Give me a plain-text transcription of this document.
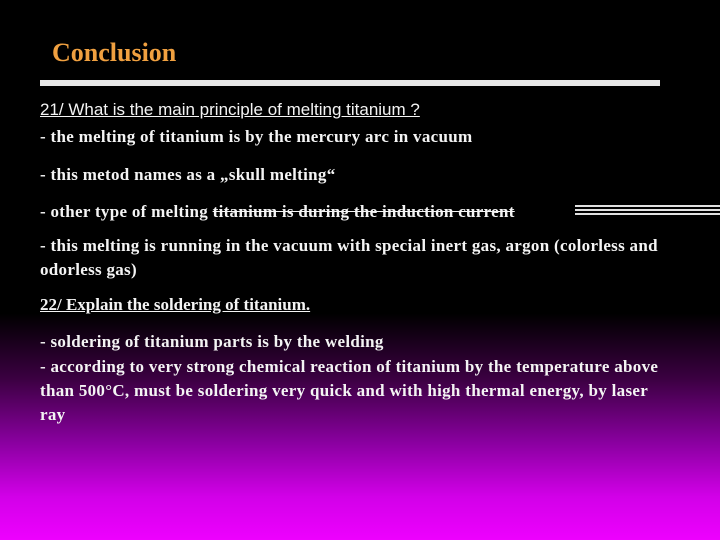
Conclusion
21/ What is the main principle of melting titanium ?
- the melting of titanium is by the mercury arc in vacuum
- this metod names as a „skull melting“
- other type of melting titanium is during the induction current
- this melting is running in the vacuum with special inert gas, argon (colorless and odorless gas)
22/ Explain the soldering of titanium.
- soldering of titanium parts is by the welding
- according to very strong chemical reaction of titanium by the temperature above than 500°C, must be soldering very quick and with high thermal energy, by laser ray
